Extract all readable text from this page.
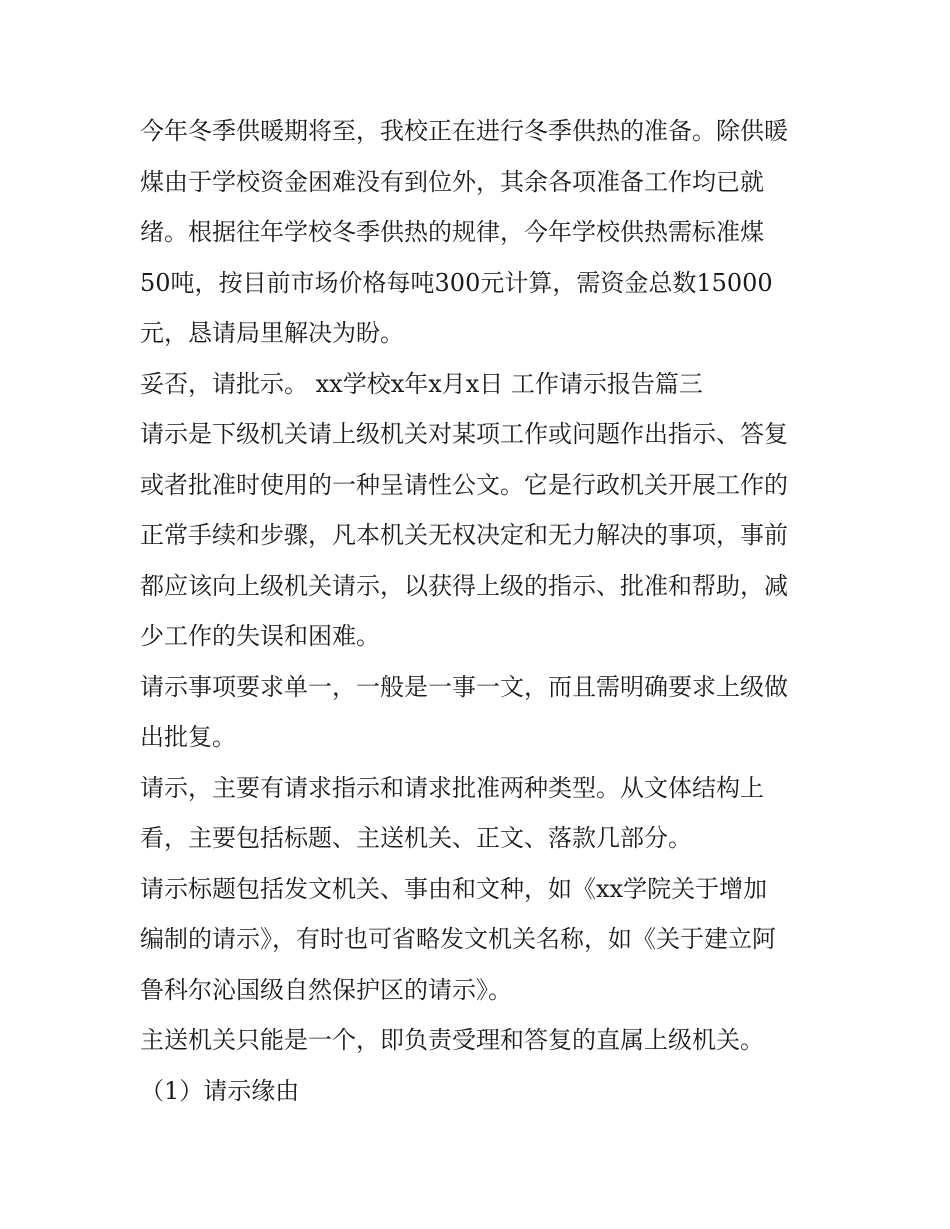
今年冬季供暖期将至，我校正在进行冬季供热的准备。除供暖
煤由于学校资金困难没有到位外，其余各项准备工作均已就
绪。根据往年学校冬季供热的规律，今年学校供热需标准煤
50吨，按目前市场价格每吨300元计算，需资金总数15000
元，恳请局里解决为盼。
妥否，请批示。 xx学校x年x月x日 工作请示报告篇三
请示是下级机关请上级机关对某项工作或问题作出指示、答复
或者批准时使用的一种呈请性公文。它是行政机关开展工作的
正常手续和步骤，凡本机关无权决定和无力解决的事项，事前
都应该向上级机关请示，以获得上级的指示、批准和帮助，减
少工作的失误和困难。
请示事项要求单一，一般是一事一文，而且需明确要求上级做
出批复。
请示，主要有请求指示和请求批准两种类型。从文体结构上
看，主要包括标题、主送机关、正文、落款几部分。
请示标题包括发文机关、事由和文种，如《xx学院关于增加
编制的请示》，有时也可省略发文机关名称，如《关于建立阿
鲁科尔沁国级自然保护区的请示》。
主送机关只能是一个，即负责受理和答复的直属上级机关。
（1）请示缘由
